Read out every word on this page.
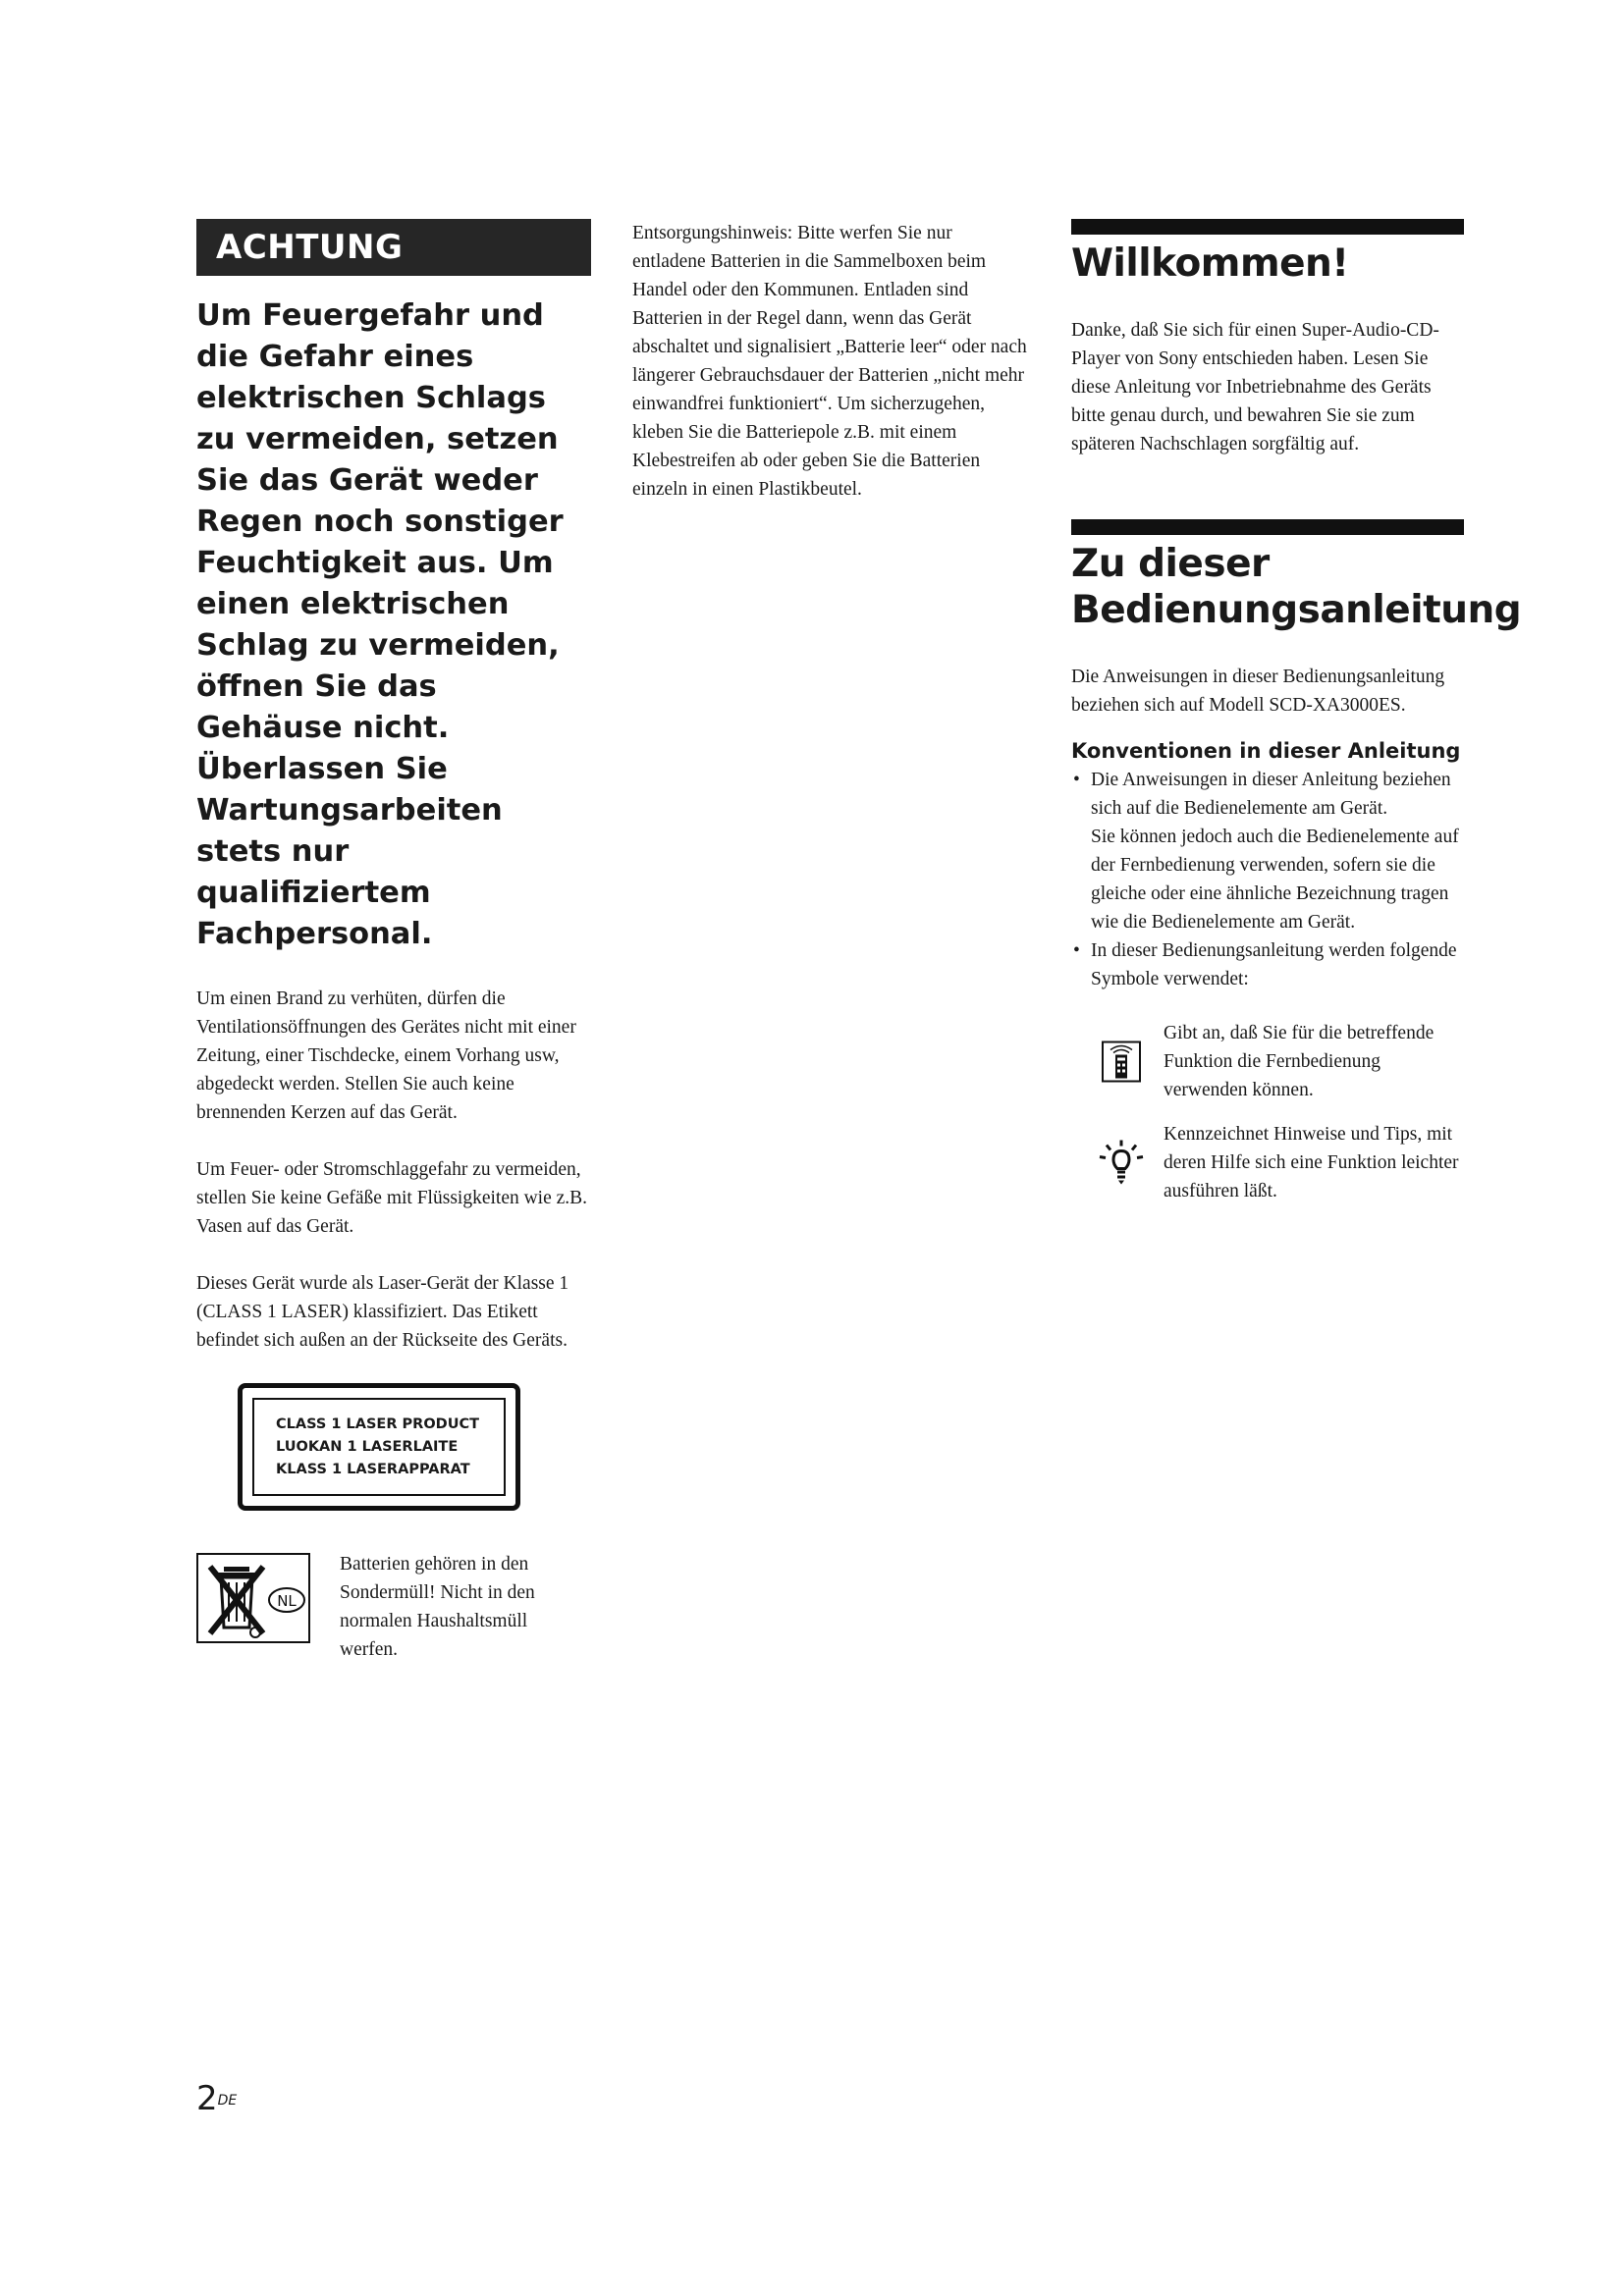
ACHTUNG

Um Feuergefahr und die Gefahr eines elektrischen Schlags zu vermeiden, setzen Sie das Gerät weder Regen noch sonstiger Feuchtigkeit aus. Um einen elektrischen Schlag zu vermeiden, öffnen Sie das Gehäuse nicht. Überlassen Sie Wartungsarbeiten stets nur qualifiziertem Fachpersonal.

Um einen Brand zu verhüten, dürfen die Ventilationsöffnungen des Gerätes nicht mit einer Zeitung, einer Tischdecke, einem Vorhang usw, abgedeckt werden. Stellen Sie auch keine brennenden Kerzen auf das Gerät.

Um Feuer- oder Stromschlaggefahr zu vermeiden, stellen Sie keine Gefäße mit Flüssigkeiten wie z.B. Vasen auf das Gerät.

Dieses Gerät wurde als Laser-Gerät der Klasse 1 (CLASS 1 LASER) klassifiziert. Das Etikett befindet sich außen an der Rückseite des Geräts.

CLASS 1 LASER PRODUCT
LUOKAN 1 LASERLAITE
KLASS 1 LASERAPPARAT
NL
Batterien gehören in den Sondermüll! Nicht in den normalen Haushaltsmüll werfen.

Entsorgungshinweis: Bitte werfen Sie nur entladene Batterien in die Sammelboxen beim Handel oder den Kommunen. Entladen sind Batterien in der Regel dann, wenn das Gerät abschaltet und signalisiert „Batterie leer“ oder nach längerer Gebrauchsdauer der Batterien „nicht mehr einwandfrei funktioniert“. Um sicherzugehen, kleben Sie die Batteriepole z.B. mit einem Klebestreifen ab oder geben Sie die Batterien einzeln in einen Plastikbeutel.

Willkommen!

Danke, daß Sie sich für einen Super-Audio-CD-Player von Sony entschieden haben. Lesen Sie diese Anleitung vor Inbetriebnahme des Geräts bitte genau durch, und bewahren Sie sie zum späteren Nachschlagen sorgfältig auf.

Zu dieser
Bedienungsanleitung

Die Anweisungen in dieser Bedienungsanleitung beziehen sich auf Modell SCD-XA3000ES.

Konventionen in dieser Anleitung
• Die Anweisungen in dieser Anleitung beziehen sich auf die Bedienelemente am Gerät.
Sie können jedoch auch die Bedienelemente auf der Fernbedienung verwenden, sofern sie die gleiche oder eine ähnliche Bezeichnung tragen wie die Bedienelemente am Gerät.
• In dieser Bedienungsanleitung werden folgende Symbole verwendet:
Gibt an, daß Sie für die betreffende Funktion die Fernbedienung verwenden können.
Kennzeichnet Hinweise und Tips, mit deren Hilfe sich eine Funktion leichter ausführen läßt.
2DE
